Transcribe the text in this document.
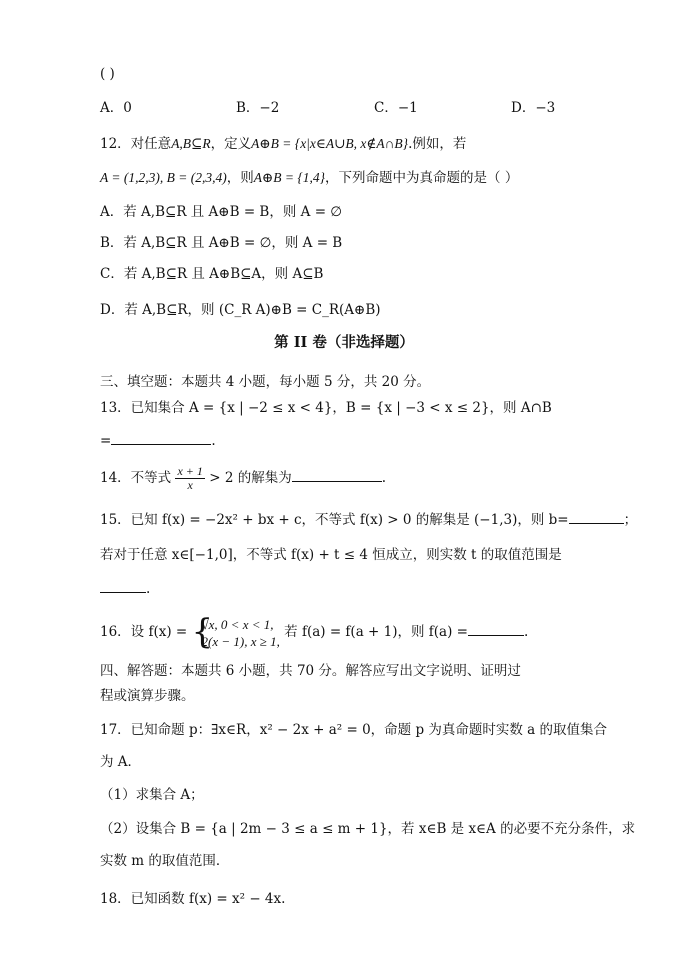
( )
A．0	B．−2	C．−1	D．−3
12．对任意A,B⊆R，定义A⊕B = {x|x∈A∪B, x∉A∩B}.例如，若
A = (1,2,3), B = (2,3,4)，则A⊕B = {1,4}，下列命题中为真命题的是（ ）
A．若 A,B⊆R 且 A⊕B = B，则 A = ∅
B．若 A,B⊆R 且 A⊕B = ∅，则 A = B
C．若 A,B⊆R 且 A⊕B⊆A，则 A⊆B
D．若 A,B⊆R，则 (C_R A)⊕B = C_R(A⊕B)
第 II 卷（非选择题）
三、填空题：本题共 4 小题，每小题 5 分，共 20 分。
13．已知集合 A = {x | −2 ≤ x < 4}，B = {x | −3 < x ≤ 2}，则 A∩B
=	.
14．不等式 $\frac{x + 1}{x} > 2$ 的解集为	.
15．已知 f(x) = −2x² + bx + c，不等式 f(x) > 0 的解集是 (−1,3)，则 b=	；
若对于任意 x∈[−1,0]，不等式 f(x) + t ≤ 4 恒成立，则实数 t 的取值范围是
.
16．设 f(x) = {
√x, 0 < x < 1,
2(x − 1), x ≥ 1,
若 f(a) = f(a + 1)，则 f(a) =	.
四、解答题：本题共 6 小题，共 70 分。解答应写出文字说明、证明过
程或演算步骤。
17．已知命题 p：∃x∈R，x² − 2x + a² = 0，命题 p 为真命题时实数 a 的取值集合
为 A．
（1）求集合 A；
（2）设集合 B = {a | 2m − 3 ≤ a ≤ m + 1}，若 x∈B 是 x∈A 的必要不充分条件，求
实数 m 的取值范围．
18．已知函数 f(x) = x² − 4x.
